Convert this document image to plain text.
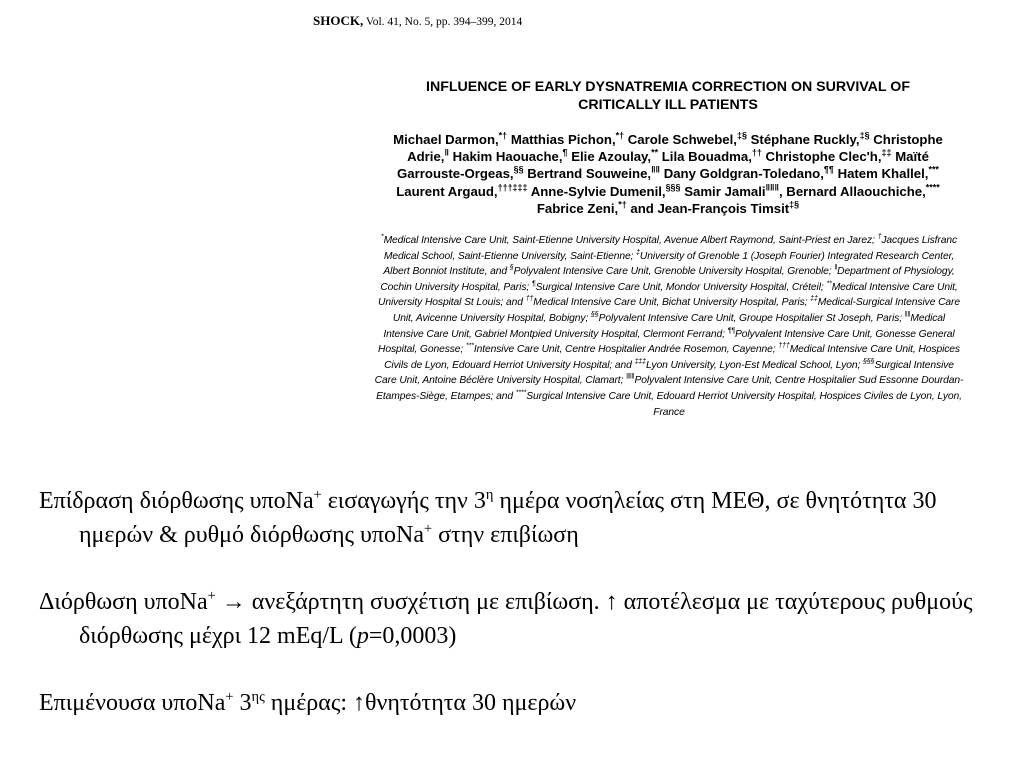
SHOCK, Vol. 41, No. 5, pp. 394–399, 2014
INFLUENCE OF EARLY DYSNATREMIA CORRECTION ON SURVIVAL OF
CRITICALLY ILL PATIENTS
Michael Darmon,*† Matthias Pichon,*† Carole Schwebel,‡§ Stéphane Ruckly,‡§ Christophe Adrie,‖ Hakim Haouache,¶ Elie Azoulay,** Lila Bouadma,†† Christophe Clec'h,‡‡ Maïté Garrouste-Orgeas,§§ Bertrand Souweine,‖‖ Dany Goldgran-Toledano,¶¶ Hatem Khallel,*** Laurent Argaud,†††‡‡‡ Anne-Sylvie Dumenil,§§§ Samir Jamali‖‖‖, Bernard Allaouchiche,**** Fabrice Zeni,*† and Jean-François Timsit‡§
*Medical Intensive Care Unit, Saint-Etienne University Hospital, Avenue Albert Raymond, Saint-Priest en Jarez; †Jacques Lisfranc Medical School, Saint-Etienne University, Saint-Etienne; ‡University of Grenoble 1 (Joseph Fourier) Integrated Research Center, Albert Bonniot Institute, and §Polyvalent Intensive Care Unit, Grenoble University Hospital, Grenoble; ‖Department of Physiology, Cochin University Hospital, Paris; ¶Surgical Intensive Care Unit, Mondor University Hospital, Créteil; **Medical Intensive Care Unit, University Hospital St Louis; and ††Medical Intensive Care Unit, Bichat University Hospital, Paris; ‡‡Medical-Surgical Intensive Care Unit, Avicenne University Hospital, Bobigny; §§Polyvalent Intensive Care Unit, Groupe Hospitalier St Joseph, Paris; ‖‖Medical Intensive Care Unit, Gabriel Montpied University Hospital, Clermont Ferrand; ¶¶Polyvalent Intensive Care Unit, Gonesse General Hospital, Gonesse; ***Intensive Care Unit, Centre Hospitalier Andrée Rosemon, Cayenne; †††Medical Intensive Care Unit, Hospices Civils de Lyon, Edouard Herriot University Hospital; and ‡‡‡Lyon University, Lyon-Est Medical School, Lyon; §§§Surgical Intensive Care Unit, Antoine Béclère University Hospital, Clamart; ‖‖‖Polyvalent Intensive Care Unit, Centre Hospitalier Sud Essonne Dourdan-Etampes-Siège, Etampes; and ****Surgical Intensive Care Unit, Edouard Herriot University Hospital, Hospices Civiles de Lyon, Lyon, France

Επίδραση διόρθωσης υποNa+ εισαγωγής την $3^\eta$ ημέρα νοσηλείας στη ΜΕΘ, σε θνητότητα 30 ημερών & ρυθμό διόρθωσης υποNa+ στην επιβίωση

Διόρθωση υποNa+ → ανεξάρτητη συσχέτιση με επιβίωση. ↑ αποτέλεσμα με ταχύτερους ρυθμούς διόρθωσης μέχρι 12 mEq/L (p=0,0003)

Επιμένουσα υποNa+ $3^{\eta\varsigma}$ ημέρας: ↑θνητότητα 30 ημερών
